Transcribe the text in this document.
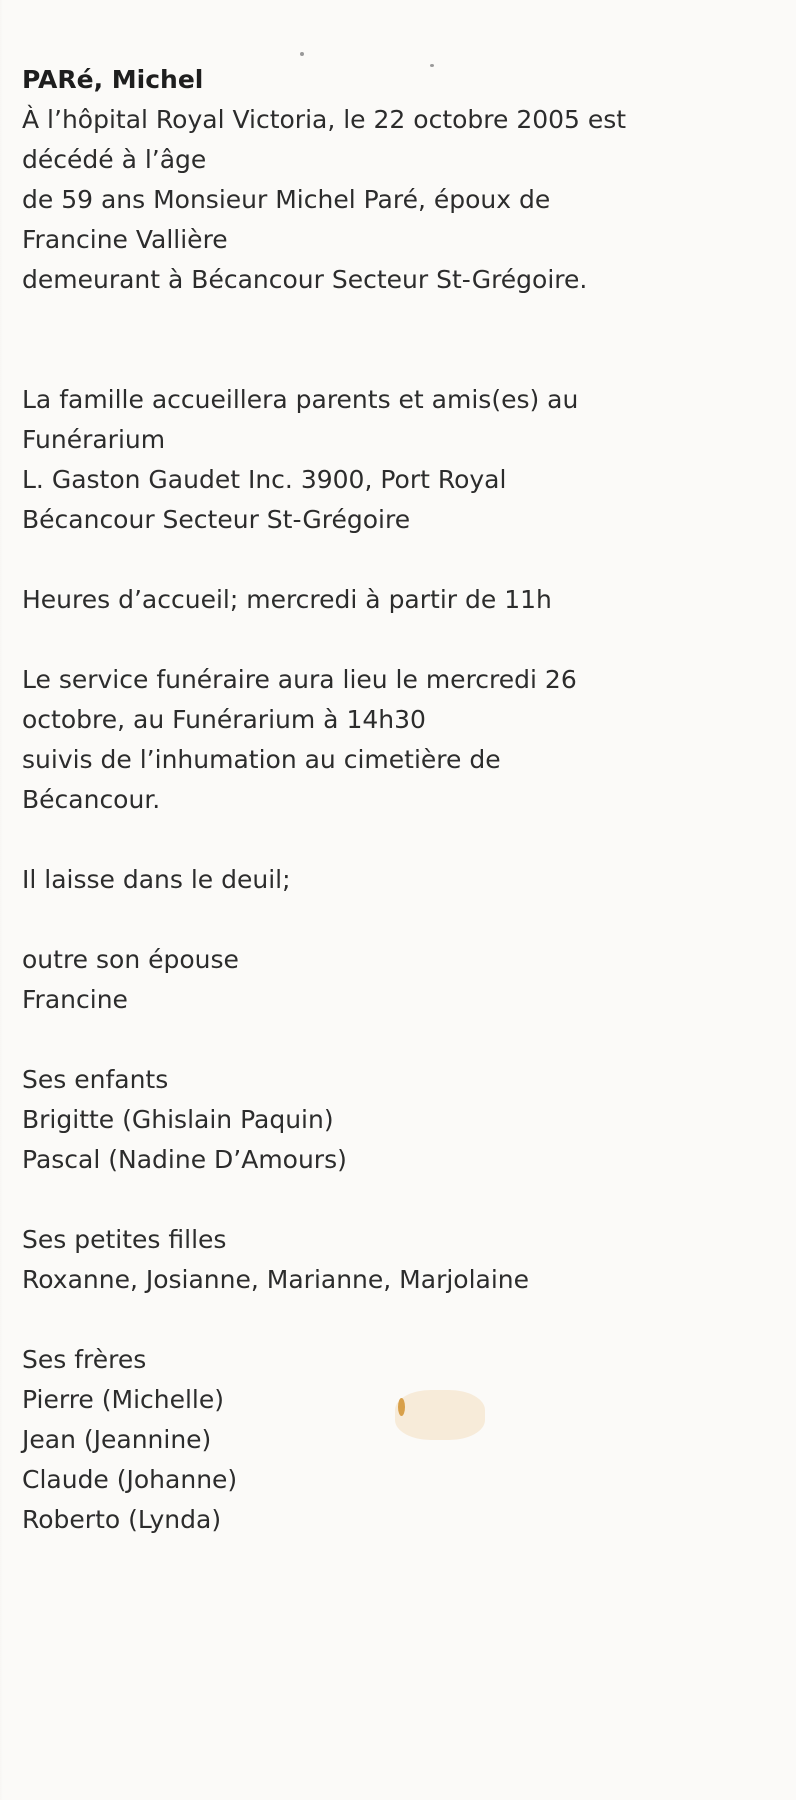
PARé, Michel

À l’hôpital Royal Victoria, le 22 octobre 2005 est

décédé à l’âge

de 59 ans Monsieur Michel Paré, époux de

Francine Vallière

demeurant à Bécancour Secteur St-Grégoire.

La famille accueillera parents et amis(es) au

Funérarium

L. Gaston Gaudet Inc. 3900, Port Royal

Bécancour Secteur St-Grégoire

Heures d’accueil; mercredi à partir de 11h

Le service funéraire aura lieu le mercredi 26

octobre, au Funérarium à 14h30

suivis de l’inhumation au cimetière de

Bécancour.

Il laisse dans le deuil;

outre son épouse

Francine

Ses enfants

Brigitte (Ghislain Paquin)

Pascal (Nadine D’Amours)

Ses petites filles

Roxanne, Josianne, Marianne, Marjolaine

Ses frères

Pierre (Michelle)

Jean (Jeannine)

Claude (Johanne)

Roberto (Lynda)
